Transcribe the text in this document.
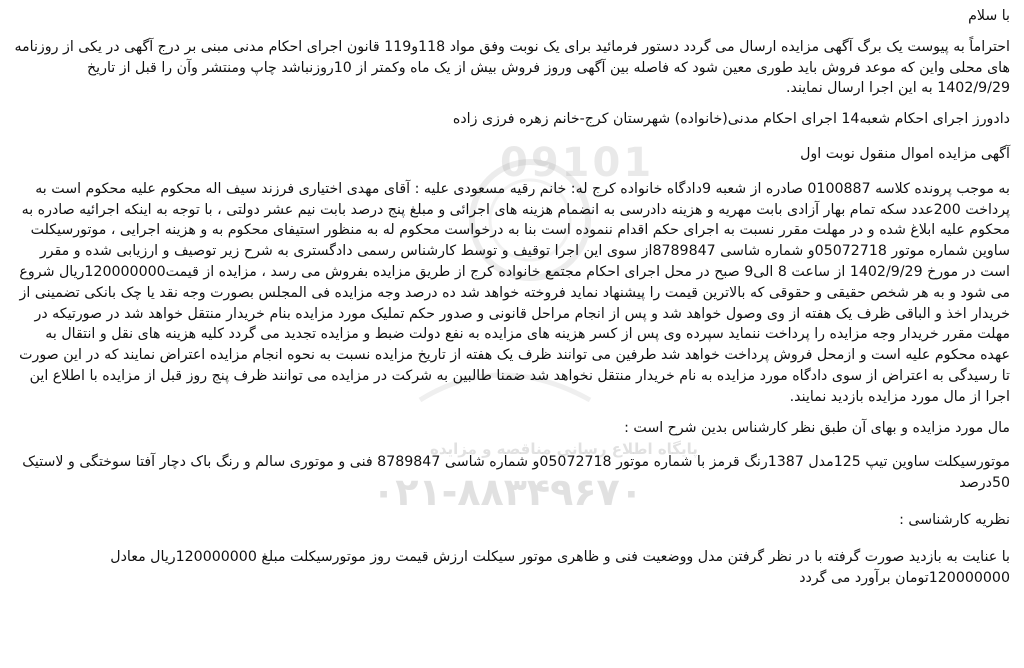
09101
پایگاه اطلاع رسانی مناقصه و مزایده
۰۲۱-۸۸۳۴۹۶۷۰

با سلام

احتراماً به پیوست یک برگ آگهی مزایده ارسال می گردد دستور فرمائید برای یک نوبت وفق مواد 118و119 قانون اجرای احکام مدنی مبنی بر درج آگهی در یکی از روزنامه های محلی واین که موعد فروش باید طوری معین شود که فاصله بین آگهی وروز فروش بیش از یک ماه وکمتر از 10روزنباشد چاپ ومنتشر وآن را قبل از تاریخ 1402/9/29 به این اجرا ارسال نمایند.

دادورز اجرای احکام شعبه14 اجرای احکام مدنی(خانواده) شهرستان کرج-خانم زهره فرزی زاده

آگهی مزایده اموال منقول نوبت اول

به موجب پرونده کلاسه 0100887 صادره از شعبه 9دادگاه خانواده کرج له: خانم رقیه مسعودی علیه : آقای مهدی اختیاری فرزند سیف اله محکوم علیه محکوم است به پرداخت 200عدد سکه تمام بهار آزادی بابت مهریه و هزینه دادرسی به انضمام هزینه های اجرائی و مبلغ پنج درصد بابت نیم عشر دولتی ، با توجه به اینکه اجرائیه صادره به محکوم علیه ابلاغ شده و در مهلت مقرر نسبت به اجرای حکم اقدام ننموده است بنا به درخواست محکوم له به منظور استیفای محکوم به و هزینه اجرایی ، موتورسیکلت ساوین شماره موتور 05072718و شماره شاسی 8789847از سوی این اجرا توقیف و توسط کارشناس رسمی دادگستری به شرح زیر توصیف و ارزیابی شده و مقرر است در مورخ 1402/9/29 از ساعت 8 الی9 صبح در محل اجرای احکام مجتمع خانواده کرج از طریق مزایده بفروش می رسد ، مزایده از قیمت120000000ریال شروع می شود و به هر شخص حقیقی و حقوقی که بالاترین قیمت را پیشنهاد نماید فروخته خواهد شد ده درصد وجه مزایده فی المجلس بصورت وجه نقد یا چک بانکی تضمینی از خریدار اخذ و الباقی ظرف یک هفته از وی وصول خواهد شد و پس از انجام مراحل قانونی و صدور حکم تملیک مورد مزایده بنام خریدار منتقل خواهد شد در صورتیکه در مهلت مقرر خریدار وجه مزایده را پرداخت ننماید سپرده وی پس از کسر هزینه های مزایده به نفع دولت ضبط و مزایده تجدید می گردد کلیه هزینه های نقل و انتقال به عهده محکوم علیه است و ازمحل فروش پرداخت خواهد شد طرفین می توانند ظرف یک هفته از تاریخ مزایده نسبت به نحوه انجام مزایده اعتراض نمایند که در این صورت تا رسیدگی به اعتراض از سوی دادگاه مورد مزایده به نام خریدار منتقل نخواهد شد ضمنا طالبین به شرکت در مزایده می توانند ظرف پنج روز قبل از مزایده با اطلاع این اجرا از مال مورد مزایده بازدید نمایند.

مال مورد مزایده و بهای آن طبق نظر کارشناس بدین شرح است :

موتورسیکلت ساوین تیپ 125مدل 1387رنگ قرمز با شماره موتور 05072718و شماره شاسی 8789847 فنی و موتوری سالم و رنگ باک دچار آفتا سوختگی و لاستیک 50درصد

نظریه کارشناسی :

با عنایت به بازدید صورت گرفته با در نظر گرفتن مدل ووضعیت فنی و ظاهری موتور سیکلت ارزش قیمت روز موتورسیکلت مبلغ 120000000ریال معادل 120000000تومان برآورد می گردد
